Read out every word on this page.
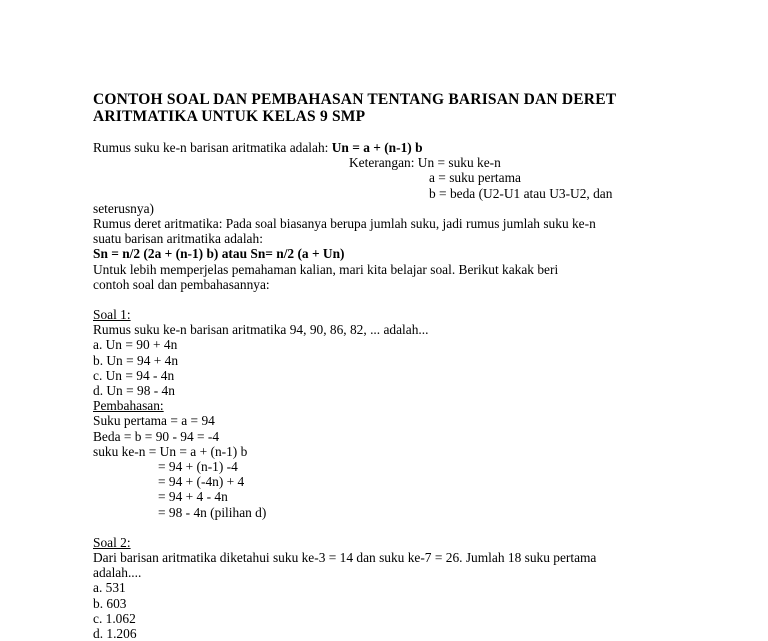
CONTOH SOAL DAN PEMBAHASAN TENTANG BARISAN DAN DERET
ARITMATIKA UNTUK KELAS 9 SMP
Rumus suku ke-n barisan aritmatika adalah: Un = a + (n-1) b
Keterangan: Un = suku ke-n
a = suku pertama
b = beda (U2-U1 atau U3-U2, dan
seterusnya)
Rumus deret aritmatika: Pada soal biasanya berupa jumlah suku, jadi rumus jumlah suku ke-n
suatu barisan aritmatika adalah:
Sn = n/2 (2a + (n-1) b) atau Sn= n/2 (a + Un)
Untuk lebih memperjelas pemahaman kalian, mari kita belajar soal. Berikut kakak beri
contoh soal dan pembahasannya:
Soal 1:
Rumus suku ke-n barisan aritmatika 94, 90, 86, 82, ... adalah...
a. Un = 90 + 4n
b. Un = 94 + 4n
c. Un = 94 - 4n
d. Un = 98 - 4n
Pembahasan:
Suku pertama = a = 94
Beda = b = 90 - 94 = -4
suku ke-n = Un = a + (n-1) b
= 94 + (n-1) -4
= 94 + (-4n) + 4
= 94 + 4 - 4n
= 98 - 4n (pilihan d)
Soal 2:
Dari barisan aritmatika diketahui suku ke-3 = 14 dan suku ke-7 = 26. Jumlah 18 suku pertama
adalah....
a. 531
b. 603
c. 1.062
d. 1.206
